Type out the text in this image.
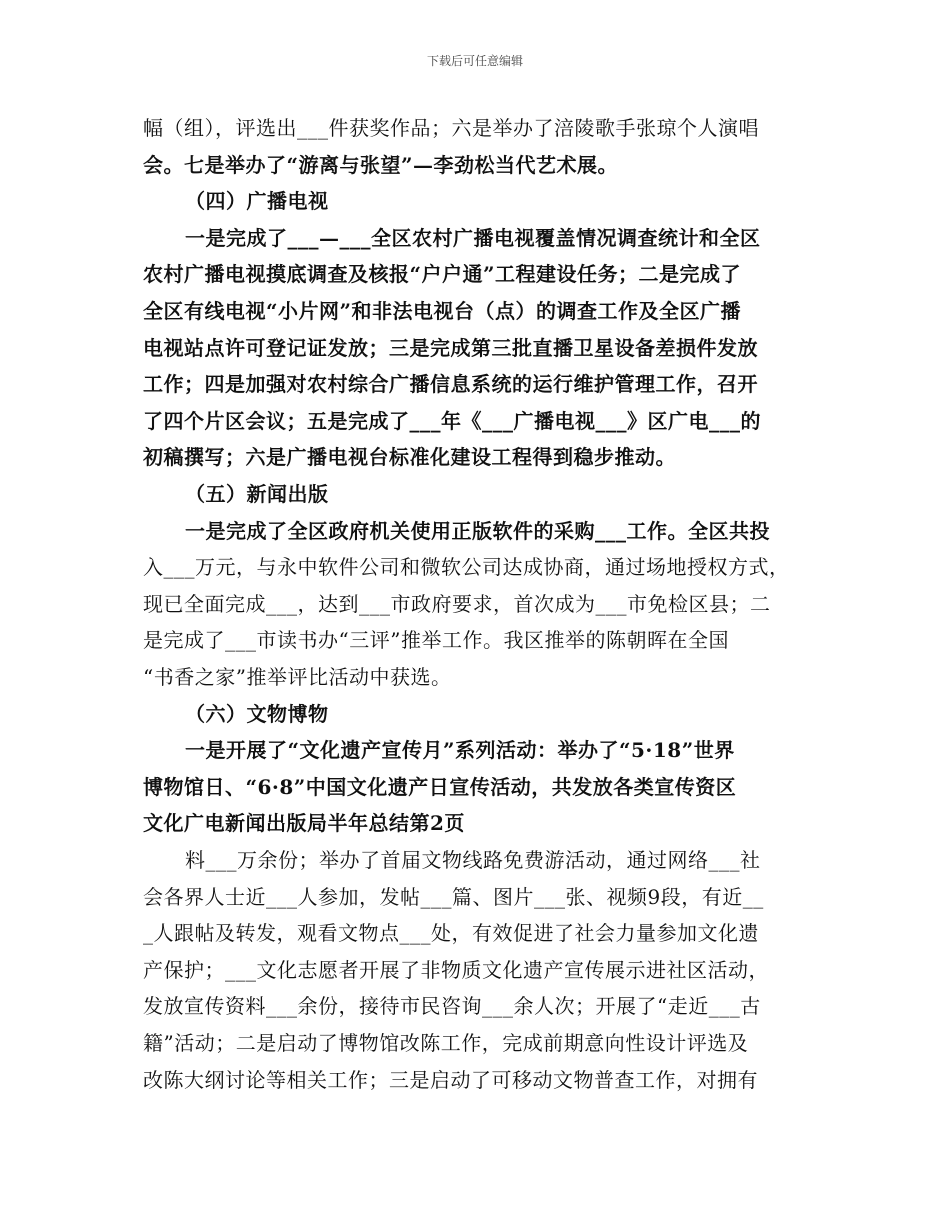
下载后可任意编辑
幅（组），评选出___件获奖作品；六是举办了涪陵歌手张琼个人演唱
会。七是举办了“游离与张望”—李劲松当代艺术展。
（四）广播电视
一是完成了___—___全区农村广播电视覆盖情况调查统计和全区
农村广播电视摸底调查及核报“户户通”工程建设任务；二是完成了
全区有线电视“小片网”和非法电视台（点）的调查工作及全区广播
电视站点许可登记证发放；三是完成第三批直播卫星设备差损件发放
工作；四是加强对农村综合广播信息系统的运行维护管理工作，召开
了四个片区会议；五是完成了___年《___广播电视___》区广电___的
初稿撰写；六是广播电视台标准化建设工程得到稳步推动。
（五）新闻出版
一是完成了全区政府机关使用正版软件的采购___工作。全区共投
入___万元，与永中软件公司和微软公司达成协商，通过场地授权方式，
现已全面完成___，达到___市政府要求，首次成为___市免检区县；二
是完成了___市读书办“三评”推举工作。我区推举的陈朝晖在全国
“书香之家”推举评比活动中获选。
（六）文物博物
一是开展了“文化遗产宣传月”系列活动：举办了“5·18”世界
博物馆日、“6·8”中国文化遗产日宣传活动，共发放各类宣传资区
文化广电新闻出版局半年总结第2页
料___万余份；举办了首届文物线路免费游活动，通过网络___社
会各界人士近___人参加，发帖___篇、图片___张、视频9段，有近__
_人跟帖及转发，观看文物点___处，有效促进了社会力量参加文化遗
产保护；___文化志愿者开展了非物质文化遗产宣传展示进社区活动，
发放宣传资料___余份，接待市民咨询___余人次；开展了“走近___古
籍”活动；二是启动了博物馆改陈工作，完成前期意向性设计评选及
改陈大纲讨论等相关工作；三是启动了可移动文物普查工作，对拥有
